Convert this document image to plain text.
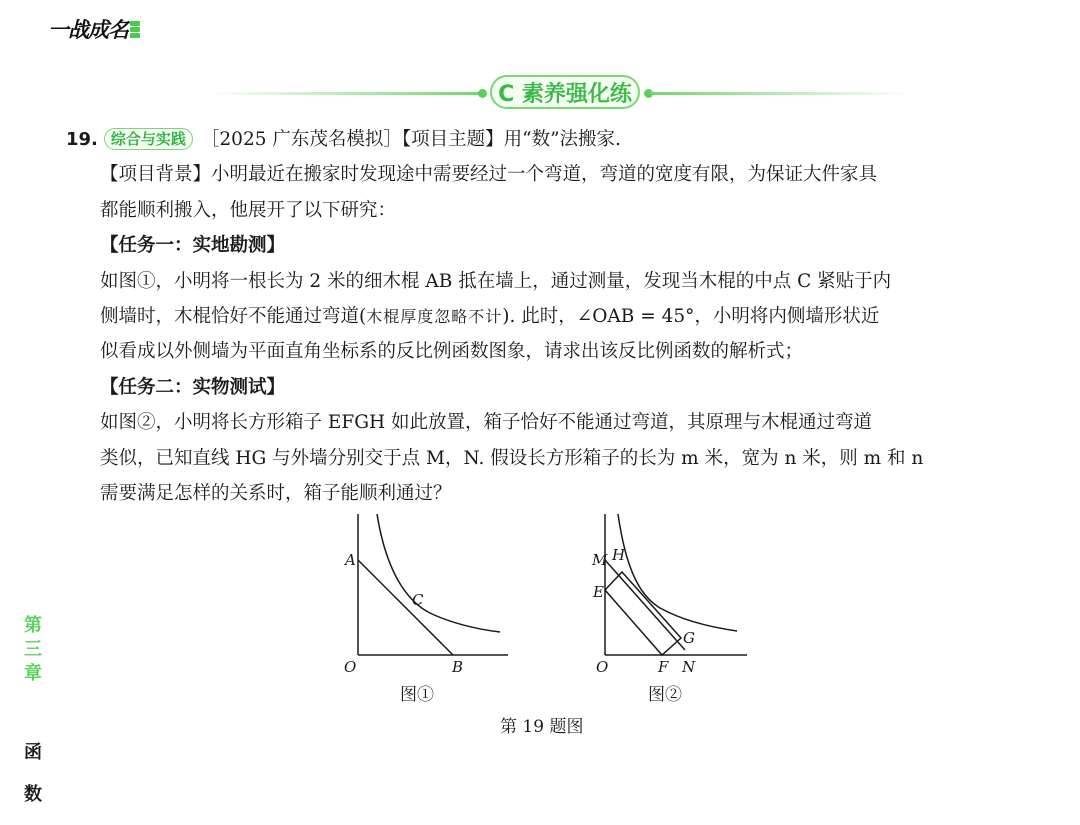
一战成名
C 素养强化练
19. 综合与实践 ［2025 广东茂名模拟］【项目主题】用“数”法搬家.
【项目背景】小明最近在搬家时发现途中需要经过一个弯道，弯道的宽度有限，为保证大件家具
都能顺利搬入，他展开了以下研究：
【任务一：实地勘测】
如图①，小明将一根长为 2 米的细木棍 AB 抵在墙上，通过测量，发现当木棍的中点 C 紧贴于内
侧墙时，木棍恰好不能通过弯道(木棍厚度忽略不计). 此时，∠OAB = 45°，小明将内侧墙形状近
似看成以外侧墙为平面直角坐标系的反比例函数图象，请求出该反比例函数的解析式；
【任务二：实物测试】
如图②，小明将长方形箱子 EFGH 如此放置，箱子恰好不能通过弯道，其原理与木棍通过弯道
类似，已知直线 HG 与外墙分别交于点 M，N. 假设长方形箱子的长为 m 米，宽为 n 米，则 m 和 n
需要满足怎样的关系时，箱子能顺利通过？
A
C
O	B
图①
M H
E
G
O	F N
图②
第 19 题图
第
三
章
函
数
